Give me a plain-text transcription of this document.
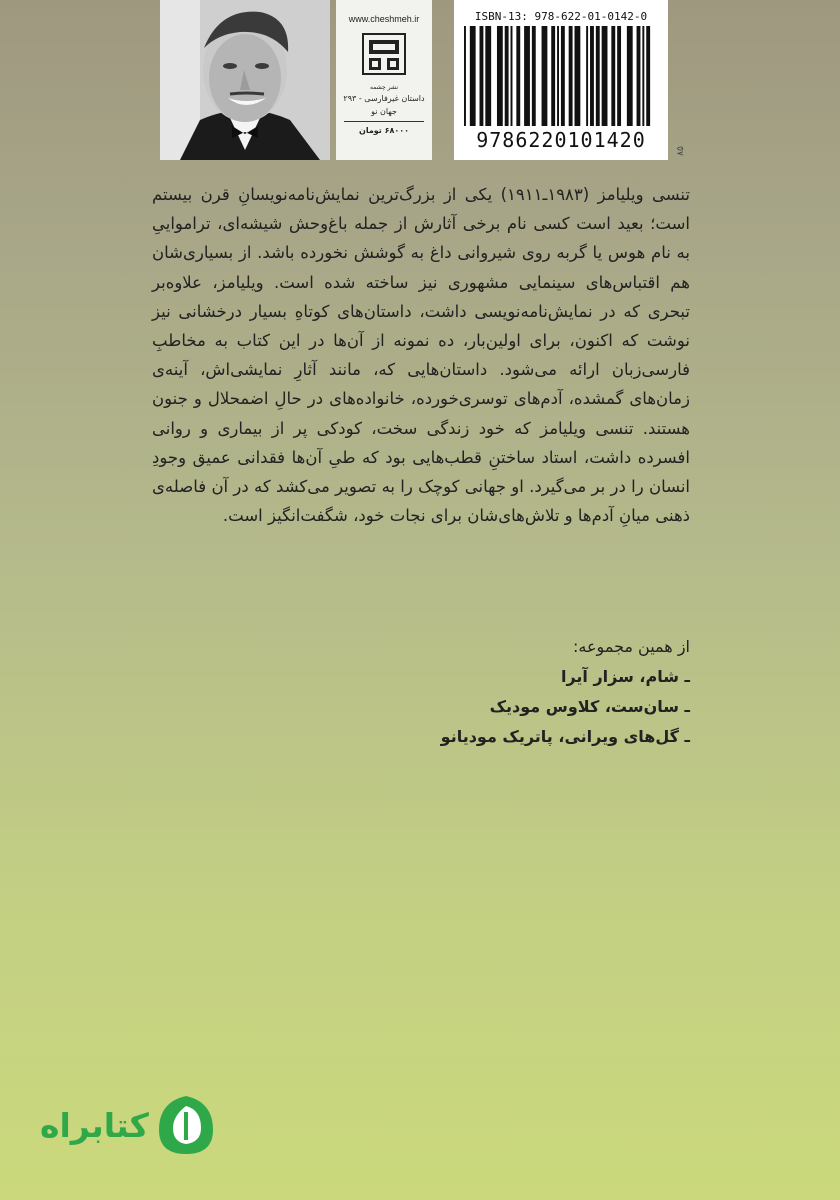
www.cheshmeh.ir
نشر چشمه
داستان غیرفارسی - ۲۹۳
جهان نو
۶۸۰۰۰ تومان
ISBN-13: 978-622-01-0142-0
9786220101420	۸۵
تنسی ویلیامز (۱۹۸۳ـ۱۹۱۱) یکی از بزرگ‌ترین نمایش‌نامه‌نویسانِ قرن بیستم است؛ بعید است کسی نام برخی آثارش از جمله باغ‌وحش شیشه‌ای، ترامواییِ به نام هوس یا گربه روی شیروانی داغ به گوشش نخورده باشد. از بسیاری‌شان هم اقتباس‌های سینمایی مشهوری نیز ساخته شده است. ویلیامز، علاوه‌بر تبحری که در نمایش‌نامه‌نویسی داشت، داستان‌های کوتاهِ بسیار درخشانی نیز نوشت که اکنون، برای اولین‌بار، ده نمونه از آن‌ها در این کتاب به مخاطبِ فارسی‌زبان ارائه می‌شود. داستان‌هایی که، مانند آثارِ نمایشی‌اش، آینه‌ی زمان‌های گمشده، آدم‌های توسری‌خورده، خانواده‌های در حالِ اضمحلال و جنون هستند. تنسی ویلیامز که خود زندگی سخت، کودکی پر از بیماری و روانی افسرده داشت، استاد ساختنِ قطب‌هایی بود که طیِ آن‌ها فقدانی عمیق وجودِ انسان را در بر می‌گیرد. او جهانی کوچک را به تصویر می‌کشد که در آن فاصله‌ی ذهنی میانِ آدم‌ها و تلاش‌های‌شان برای نجات خود، شگفت‌انگیز است.
از همین مجموعه:
ـ شام، سزار آیرا
ـ سان‌ست، کلاوس مودیک
ـ گل‌های ویرانی، پاتریک مودیانو
کتابراه
